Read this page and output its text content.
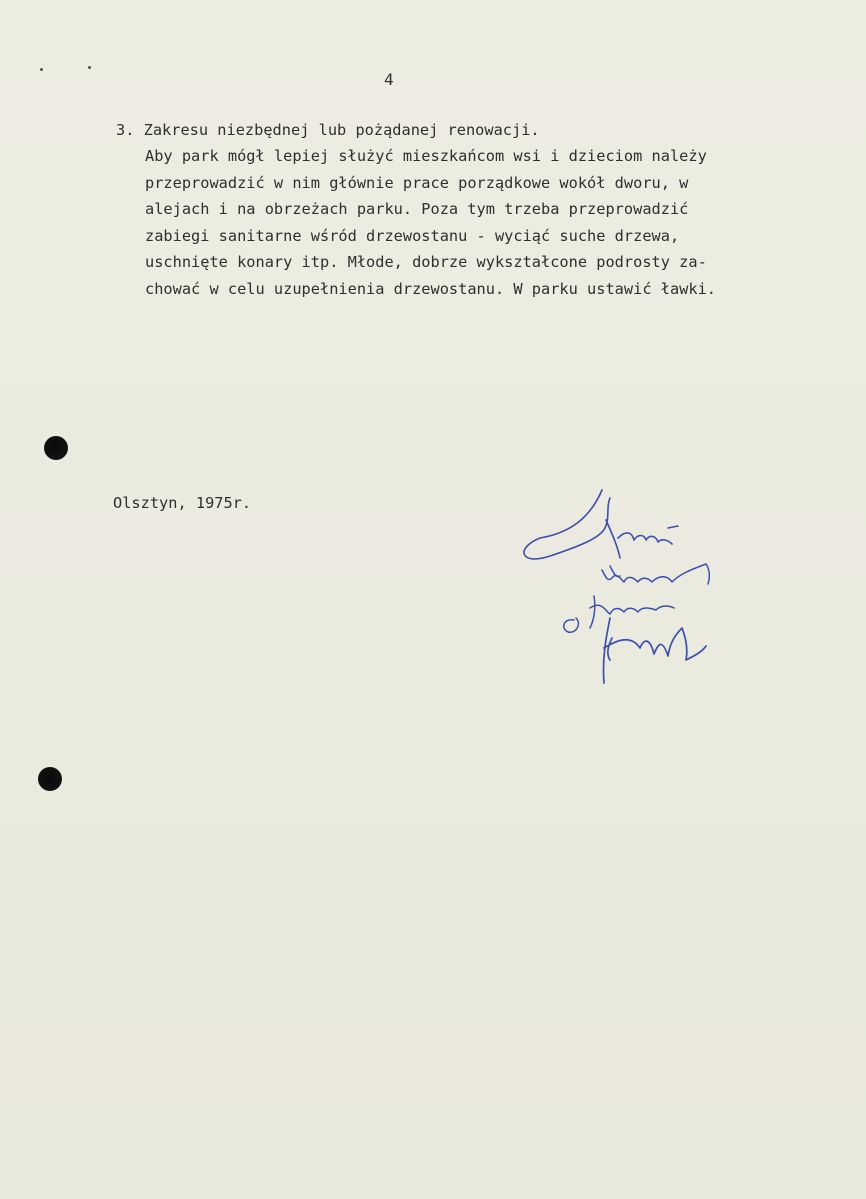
4
3. Zakresu niezbędnej lub pożądanej renowacji.
Aby park mógł lepiej służyć mieszkańcom wsi i dzieciom należy
przeprowadzić w nim głównie prace porządkowe wokół dworu, w
alejach i na obrzeżach parku. Poza tym trzeba przeprowadzić
zabiegi sanitarne wśród drzewostanu - wyciąć suche drzewa,
uschnięte konary itp. Młode, dobrze wykształcone podrosty za-
chować w celu uzupełnienia drzewostanu. W parku ustawić ławki.
Olsztyn, 1975r.
